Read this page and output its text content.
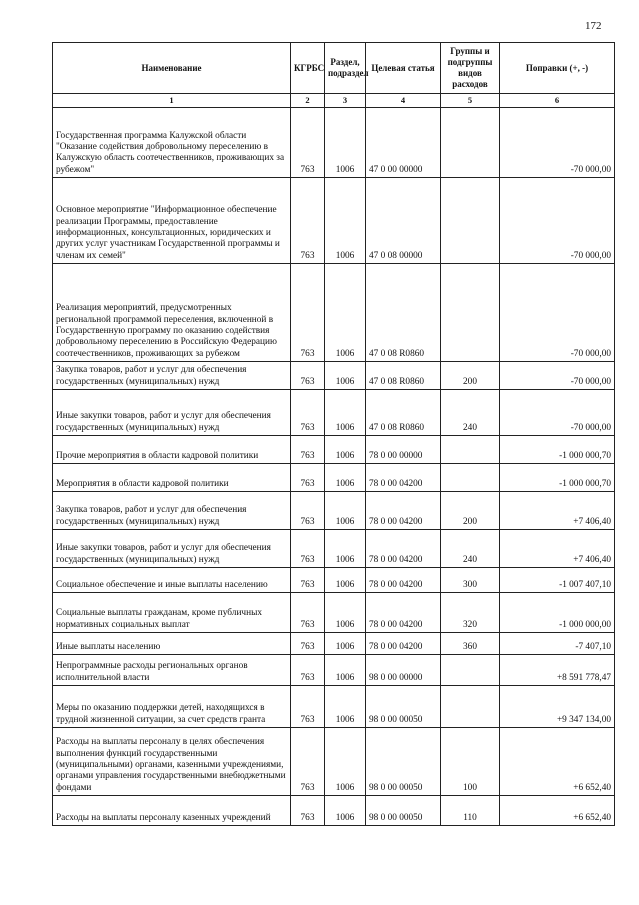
172
Наименование	КГРБС	Раздел, подраздел	Целевая статья	Группы и подгруппы видов расходов	Поправки (+, -)
1	2	3	4	5	6
Государственная программа Калужской области "Оказание содействия добровольному переселению в Калужскую область соотечественников, проживающих за рубежом"	763	1006	47 0 00 00000		-70 000,00
Основное мероприятие "Информационное обеспечение реализации Программы, предоставление информационных, консультационных, юридических и других услуг участникам Государственной программы и членам их семей"	763	1006	47 0 08 00000		-70 000,00
Реализация мероприятий, предусмотренных региональной программой переселения, включенной в Государственную программу по оказанию содействия добровольному переселению в Российскую Федерацию соотечественников, проживающих за рубежом	763	1006	47 0 08 R0860		-70 000,00
Закупка товаров, работ и услуг для обеспечения государственных (муниципальных) нужд	763	1006	47 0 08 R0860	200	-70 000,00
Иные закупки товаров, работ и услуг для обеспечения государственных (муниципальных) нужд	763	1006	47 0 08 R0860	240	-70 000,00
Прочие мероприятия в области кадровой политики	763	1006	78 0 00 00000		-1 000 000,70
Мероприятия в области кадровой политики	763	1006	78 0 00 04200		-1 000 000,70
Закупка товаров, работ и услуг для обеспечения государственных (муниципальных) нужд	763	1006	78 0 00 04200	200	+7 406,40
Иные закупки товаров, работ и услуг для обеспечения государственных (муниципальных) нужд	763	1006	78 0 00 04200	240	+7 406,40
Социальное обеспечение и иные выплаты населению	763	1006	78 0 00 04200	300	-1 007 407,10
Социальные выплаты гражданам, кроме публичных нормативных социальных выплат	763	1006	78 0 00 04200	320	-1 000 000,00
Иные выплаты населению	763	1006	78 0 00 04200	360	-7 407,10
Непрограммные расходы региональных органов исполнительной власти	763	1006	98 0 00 00000		+8 591 778,47
Меры по оказанию поддержки детей, находящихся в трудной жизненной ситуации, за счет средств гранта	763	1006	98 0 00 00050		+9 347 134,00
Расходы на выплаты персоналу в целях обеспечения выполнения функций государственными (муниципальными) органами, казенными учреждениями, органами управления государственными внебюджетными фондами	763	1006	98 0 00 00050	100	+6 652,40
Расходы на выплаты персоналу казенных учреждений	763	1006	98 0 00 00050	110	+6 652,40
